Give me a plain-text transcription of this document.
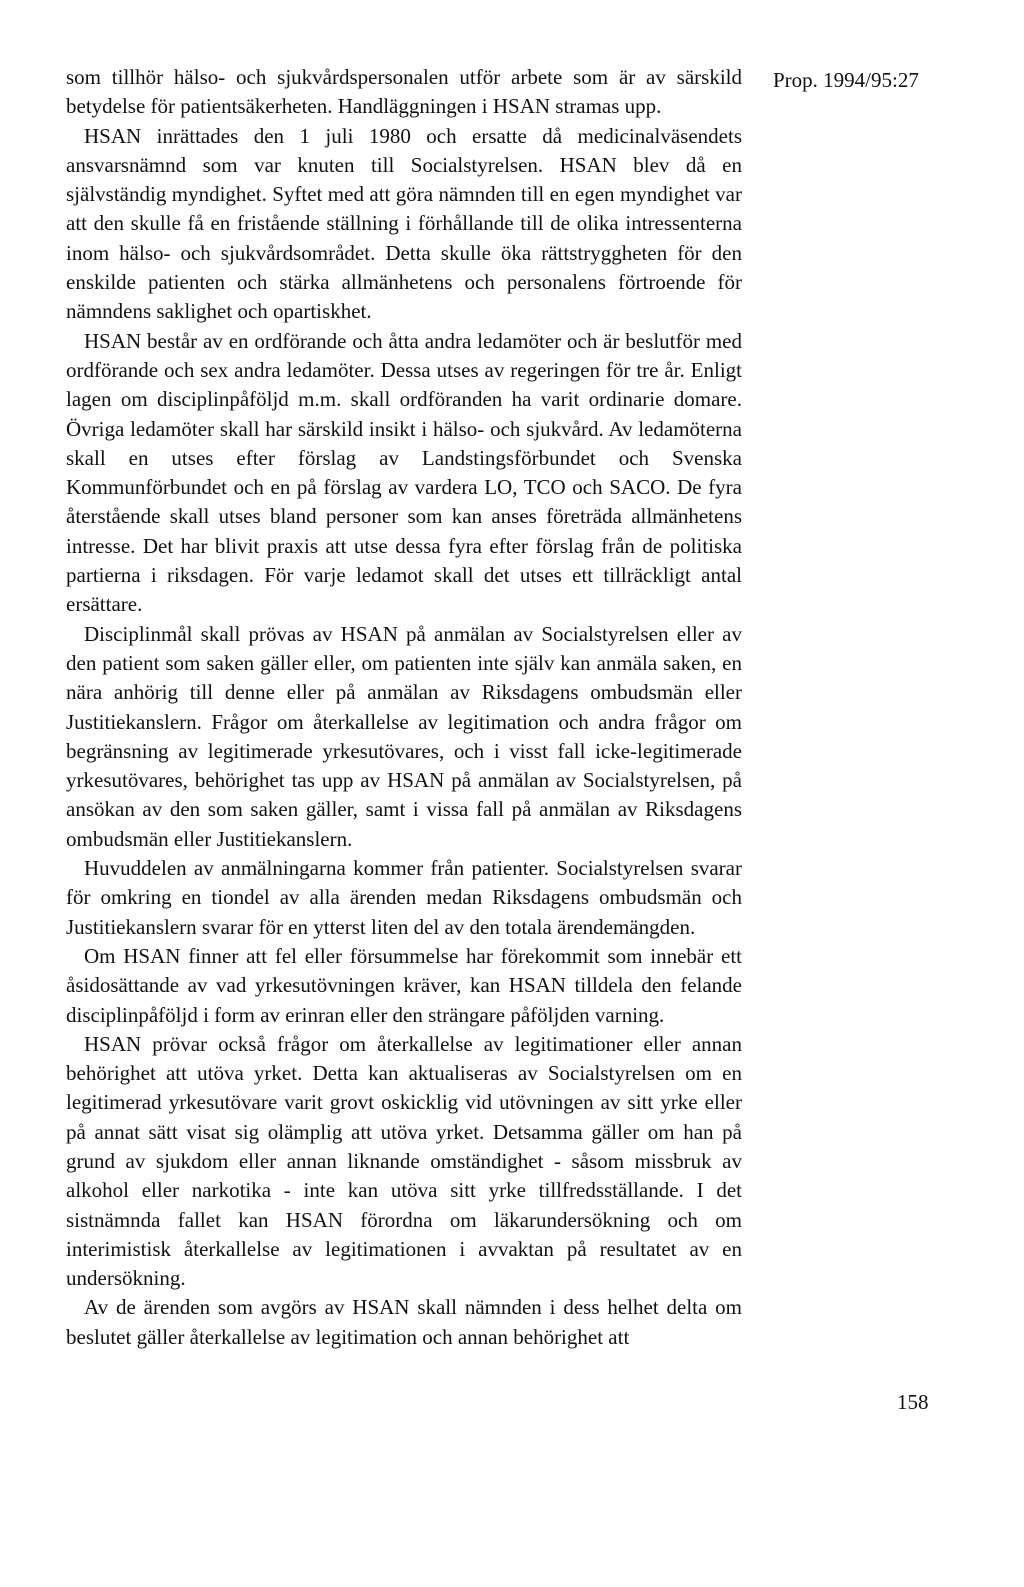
Prop. 1994/95:27

som tillhör hälso- och sjukvårdspersonalen utför arbete som är av särskild betydelse för patientsäkerheten. Handläggningen i HSAN stramas upp.

HSAN inrättades den 1 juli 1980 och ersatte då medicinalväsendets ansvarsnämnd som var knuten till Socialstyrelsen. HSAN blev då en självständig myndighet. Syftet med att göra nämnden till en egen myndighet var att den skulle få en fristående ställning i förhållande till de olika intressenterna inom hälso- och sjukvårdsområdet. Detta skulle öka rättstryggheten för den enskilde patienten och stärka allmänhetens och personalens förtroende för nämndens saklighet och opartiskhet.

HSAN består av en ordförande och åtta andra ledamöter och är beslutför med ordförande och sex andra ledamöter. Dessa utses av regeringen för tre år. Enligt lagen om disciplinpåföljd m.m. skall ordföranden ha varit ordinarie domare. Övriga ledamöter skall har särskild insikt i hälso- och sjukvård. Av ledamöterna skall en utses efter förslag av Landstingsförbundet och Svenska Kommunförbundet och en på förslag av vardera LO, TCO och SACO. De fyra återstående skall utses bland personer som kan anses företräda allmänhetens intresse. Det har blivit praxis att utse dessa fyra efter förslag från de politiska partierna i riksdagen. För varje ledamot skall det utses ett tillräckligt antal ersättare.

Disciplinmål skall prövas av HSAN på anmälan av Socialstyrelsen eller av den patient som saken gäller eller, om patienten inte själv kan anmäla saken, en nära anhörig till denne eller på anmälan av Riksdagens ombudsmän eller Justitiekanslern. Frågor om återkallelse av legitimation och andra frågor om begränsning av legitimerade yrkesutövares, och i visst fall icke-legitimerade yrkesutövares, behörighet tas upp av HSAN på anmälan av Socialstyrelsen, på ansökan av den som saken gäller, samt i vissa fall på anmälan av Riksdagens ombudsmän eller Justitiekanslern.

Huvuddelen av anmälningarna kommer från patienter. Socialstyrelsen svarar för omkring en tiondel av alla ärenden medan Riksdagens ombudsmän och Justitiekanslern svarar för en ytterst liten del av den totala ärendemängden.

Om HSAN finner att fel eller försummelse har förekommit som innebär ett åsidosättande av vad yrkesutövningen kräver, kan HSAN tilldela den felande disciplinpåföljd i form av erinran eller den strängare påföljden varning.

HSAN prövar också frågor om återkallelse av legitimationer eller annan behörighet att utöva yrket. Detta kan aktualiseras av Socialstyrelsen om en legitimerad yrkesutövare varit grovt oskicklig vid utövningen av sitt yrke eller på annat sätt visat sig olämplig att utöva yrket. Detsamma gäller om han på grund av sjukdom eller annan liknande omständighet - såsom missbruk av alkohol eller narkotika - inte kan utöva sitt yrke tillfredsställande. I det sistnämnda fallet kan HSAN förordna om läkarundersökning och om interimistisk återkallelse av legitimationen i avvaktan på resultatet av en undersökning.

Av de ärenden som avgörs av HSAN skall nämnden i dess helhet delta om beslutet gäller återkallelse av legitimation och annan behörighet att

158
